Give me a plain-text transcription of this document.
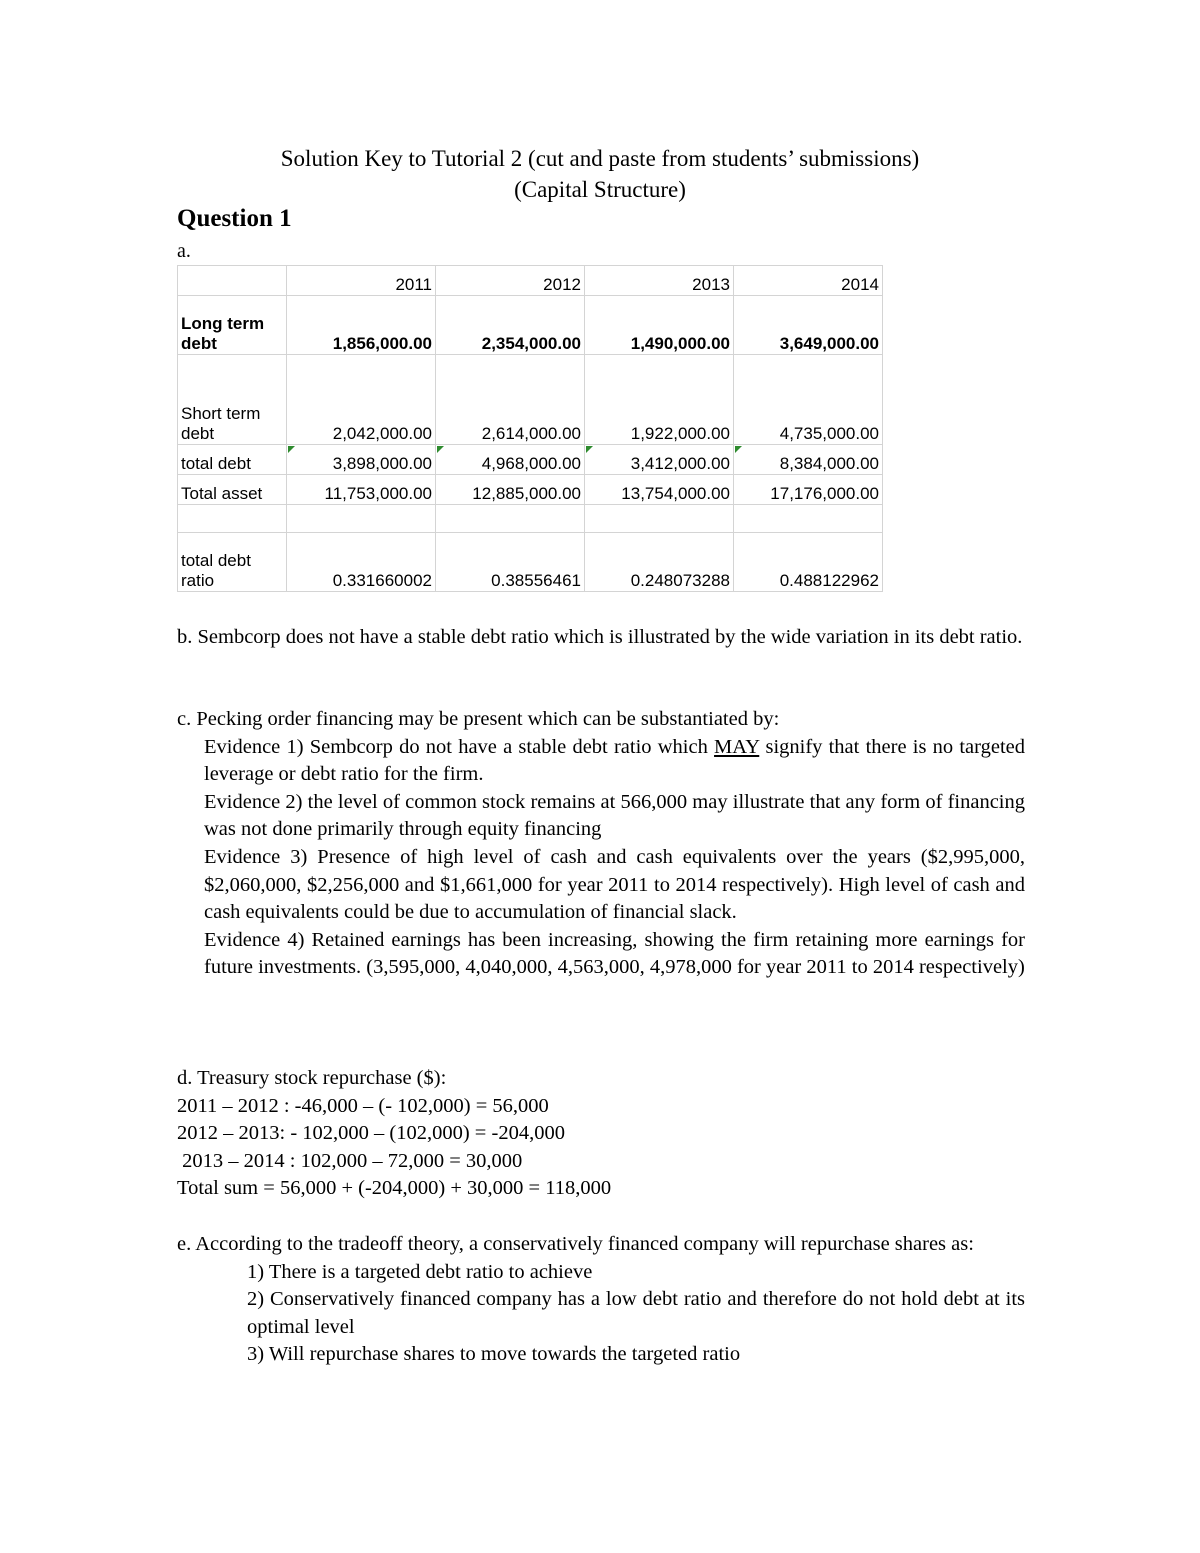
Solution Key to Tutorial 2 (cut and paste from students’ submissions)
(Capital Structure)
Question 1
a.
	2011	2012	2013	2014

Long term
debt	1,856,000.00	2,354,000.00	1,490,000.00	3,649,000.00

Short term
debt	2,042,000.00	2,614,000.00	1,922,000.00	4,735,000.00
total debt	3,898,000.00	4,968,000.00	3,412,000.00	8,384,000.00
Total asset	11,753,000.00	12,885,000.00	13,754,000.00	17,176,000.00

total debt
ratio	0.331660002	0.38556461	0.248073288	0.488122962
b. Sembcorp does not have a stable debt ratio which is illustrated by the wide variation in its debt ratio.

c. Pecking order financing may be present which can be substantiated by:

Evidence 1) Sembcorp do not have a stable debt ratio which MAY signify that there is no targeted leverage or debt ratio for the firm.

Evidence 2) the level of common stock remains at 566,000 may illustrate that any form of financing was not done primarily through equity financing

Evidence 3) Presence of high level of cash and cash equivalents over the years ($2,995,000, $2,060,000, $2,256,000 and $1,661,000 for year 2011 to 2014 respectively). High level of cash and cash equivalents could be due to accumulation of financial slack.

Evidence 4) Retained earnings has been increasing, showing the firm retaining more earnings for future investments. (3,595,000, 4,040,000, 4,563,000, 4,978,000 for year 2011 to 2014 respectively)

d. Treasury stock repurchase ($):

2011 – 2012 : -46,000 – (- 102,000) = 56,000

2012 – 2013: - 102,000 – (102,000) = -204,000

2013 – 2014 : 102,000 – 72,000 = 30,000

Total sum = 56,000 + (-204,000) + 30,000 = 118,000

e. According to the tradeoff theory, a conservatively financed company will repurchase shares as:

1) There is a targeted debt ratio to achieve

2) Conservatively financed company has a low debt ratio and therefore do not hold debt at its optimal level

3) Will repurchase shares to move towards the targeted ratio
